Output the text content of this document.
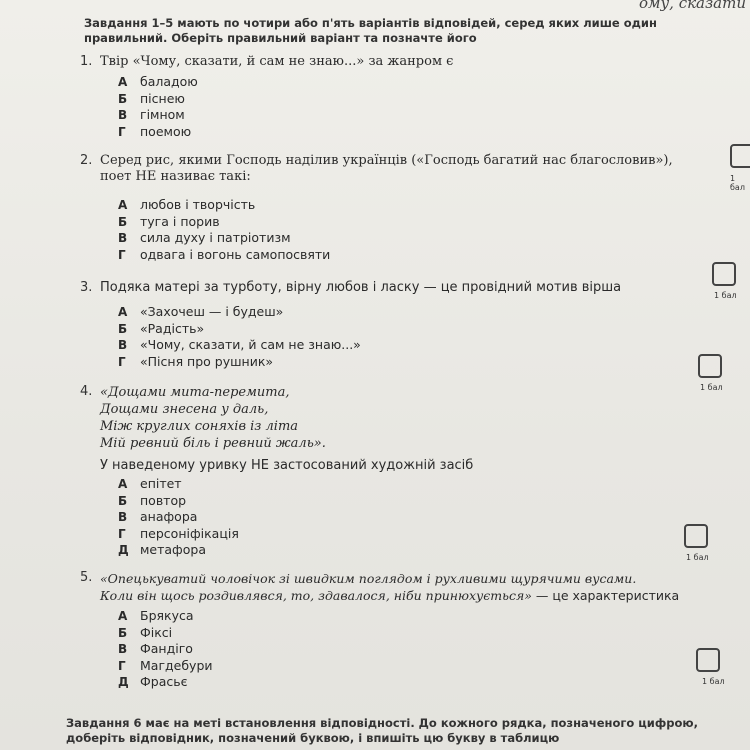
ому, сказати
Завдання 1–5 мають по чотири або п'ять варіантів відповідей, серед яких лише один правильний. Оберіть правильний варіант та позначте його
1. Твір «Чому, сказати, й сам не знаю...» за жанром є
А баладою
Б піснею
В гімном
Г поемою
1 бал
2. Серед рис, якими Господь наділив українців («Господь багатий нас благословив»), поет НЕ називає такі:
А любов і творчість
Б туга і порив
В сила духу і патріотизм
Г одвага і вогонь самопосвяти
1 бал
3. Подяка матері за турботу, вірну любов і ласку — це провідний мотив вірша
А «Захочеш — і будеш»
Б «Радість»
В «Чому, сказати, й сам не знаю...»
Г «Пісня про рушник»
1 бал
4. «Дощами мита-перемита,
Дощами знесена у даль,
Між круглих соняхів із літа
Мій ревний біль і ревний жаль».
У наведеному уривку НЕ застосований художній засіб
А епітет
Б повтор
В анафора
Г персоніфікація
Д метафора
1 бал
5. «Опецькуватий чоловічок зі швидким поглядом і рухливими щурячими вусами.
Коли він щось роздивлявся, то, здавалося, ніби принюхується» — це характеристика
А Брякуса
Б Фіксі
В Фандіго
Г Магдебури
Д Фрасьє	1 бал
Завдання 6 має на меті встановлення відповідності. До кожного рядка, позначеного цифрою, доберіть відповідник, позначений буквою, і впишіть цю букву в таблицю
